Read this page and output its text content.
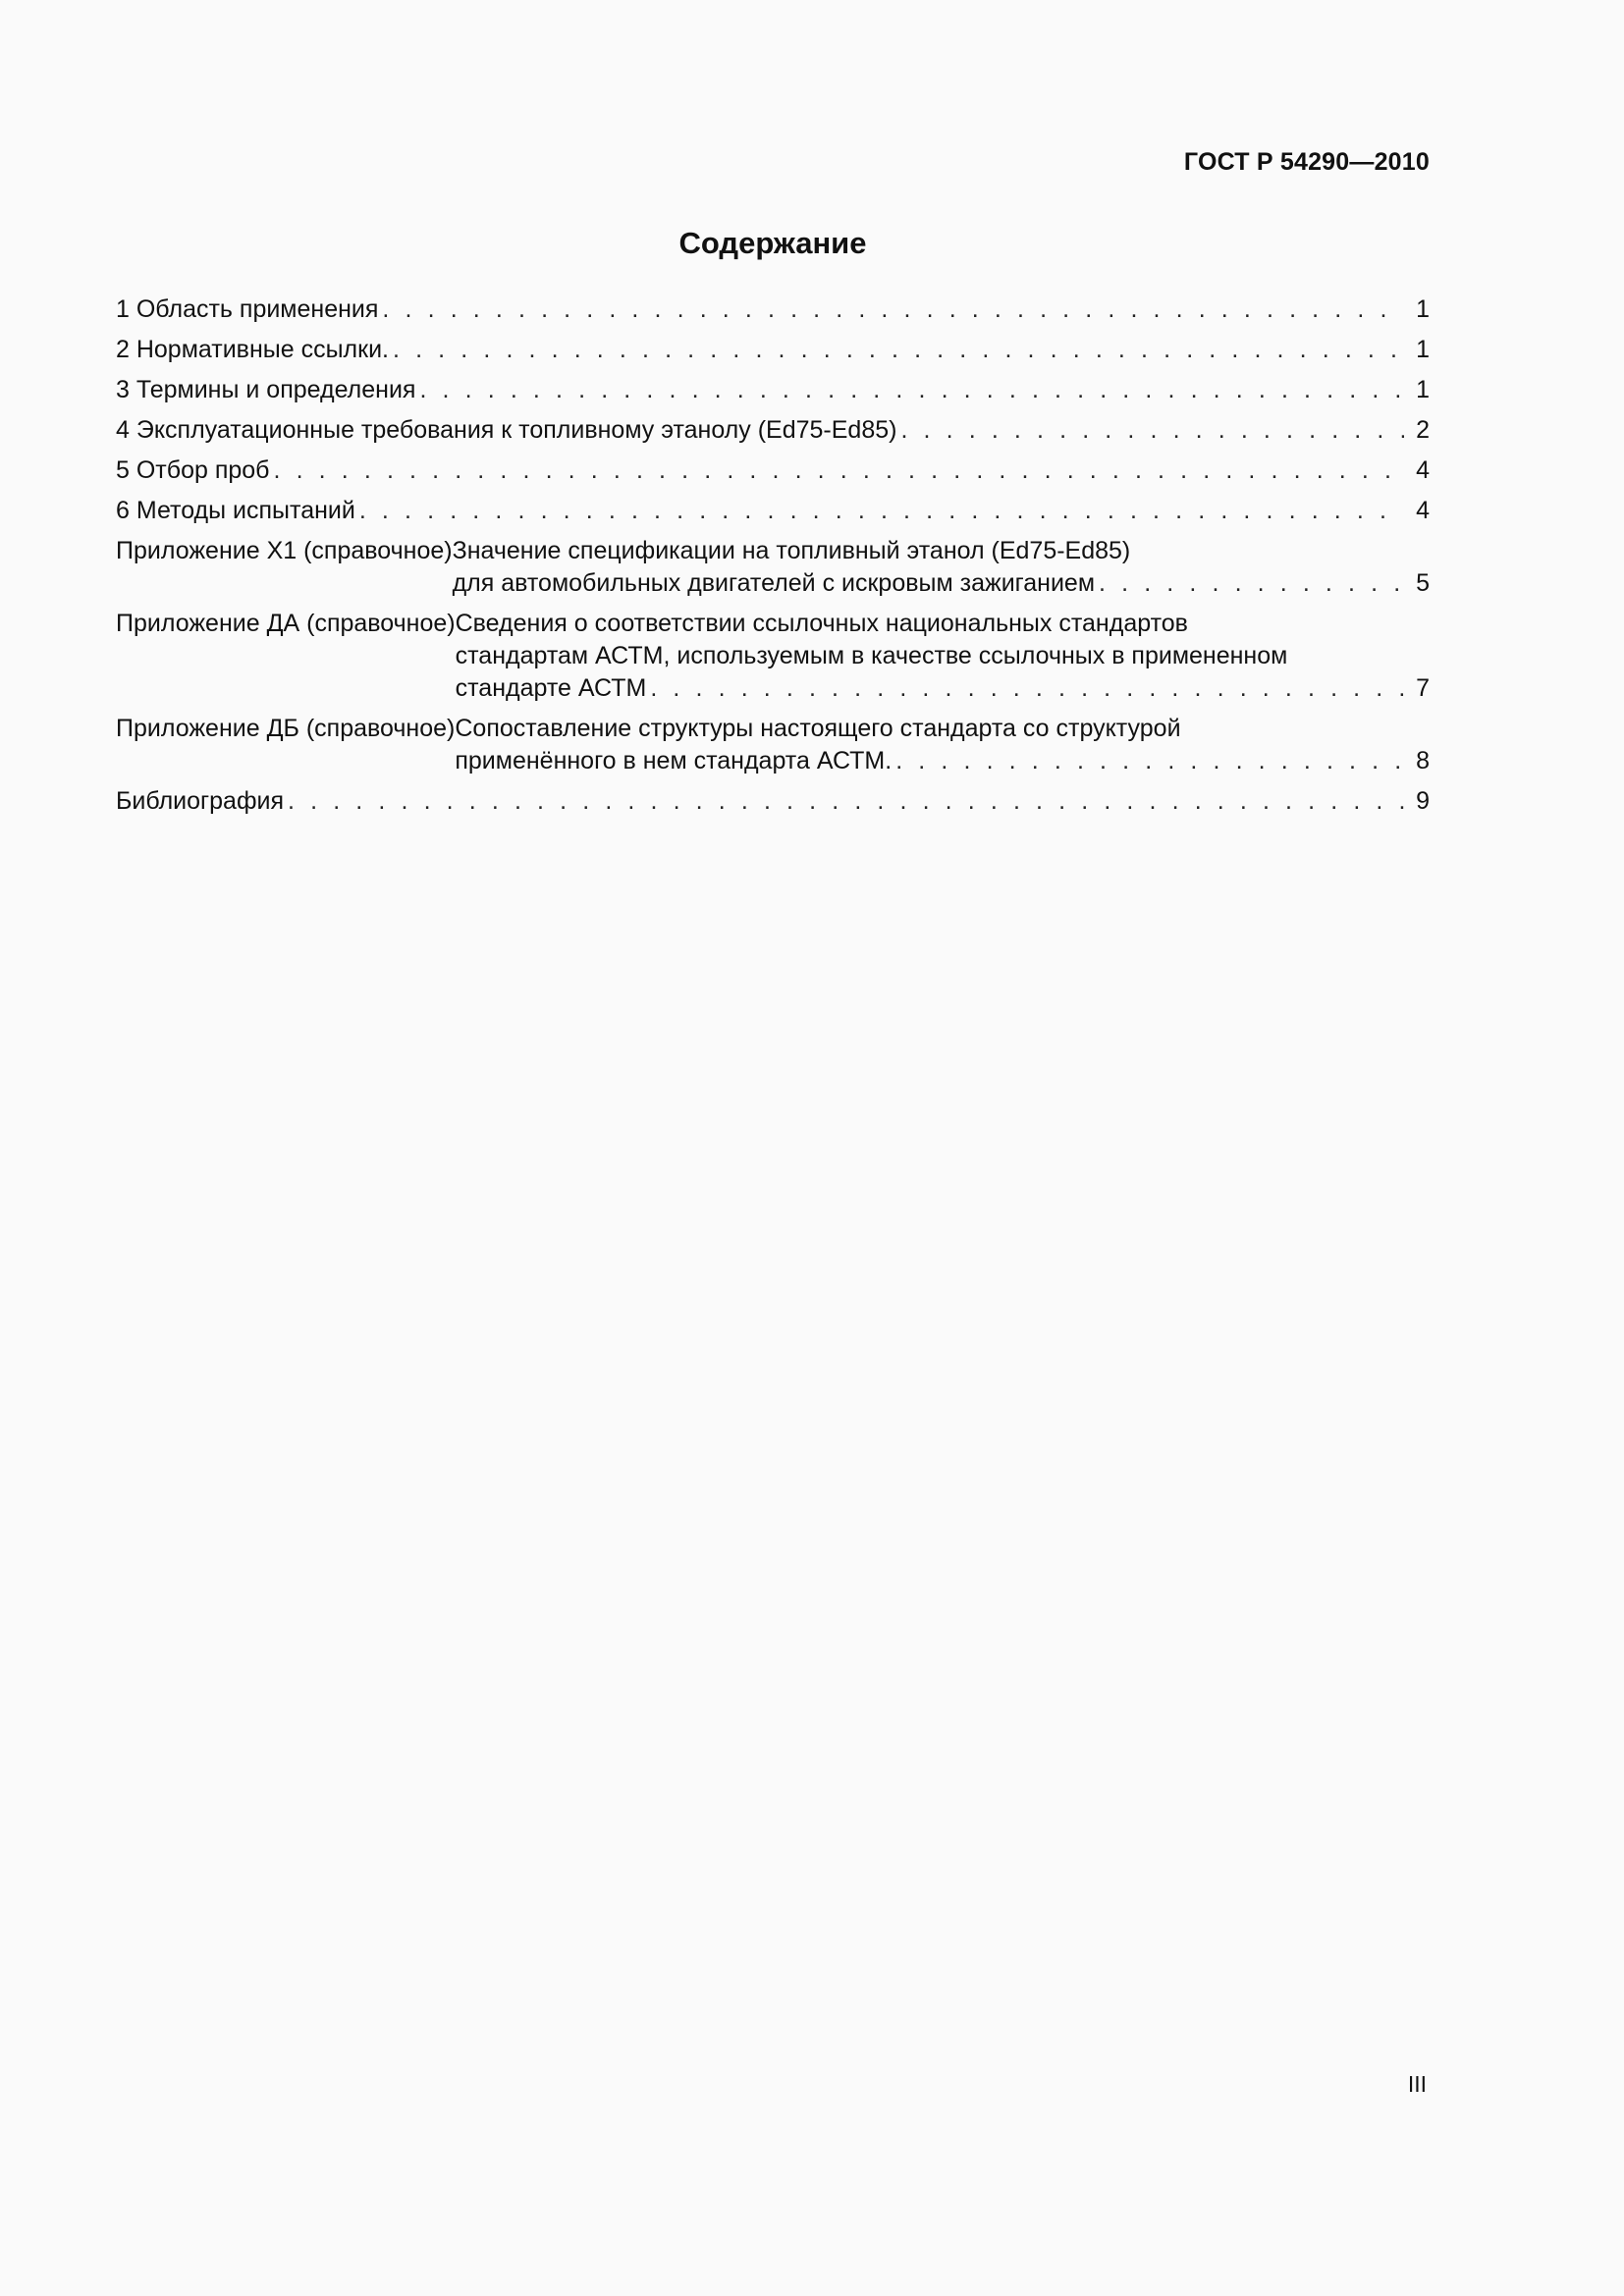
ГОСТ Р 54290—2010
Содержание
1 Область применения . . .	1
2 Нормативные ссылки. . . .	1
3 Термины и определения . . .	1
4 Эксплуатационные требования к топливному этанолу (Ed75-Ed85) . . .	2
5 Отбор проб . . .	4
6 Методы испытаний . . .	4
Приложение Х1 (справочное) Значение спецификации на топливный этанол (Ed75-Ed85)
для автомобильных двигателей с искровым зажиганием . . .	5
Приложение ДА (справочное) Сведения о соответствии ссылочных национальных стандартов
стандартам АСТМ, используемым в качестве ссылочных в примененном
стандарте АСТМ . . .	7
Приложение ДБ (справочное) Сопоставление структуры настоящего стандарта со структурой
применённого в нем стандарта АСТМ. . . .	8
Библиография . . .	9
III
